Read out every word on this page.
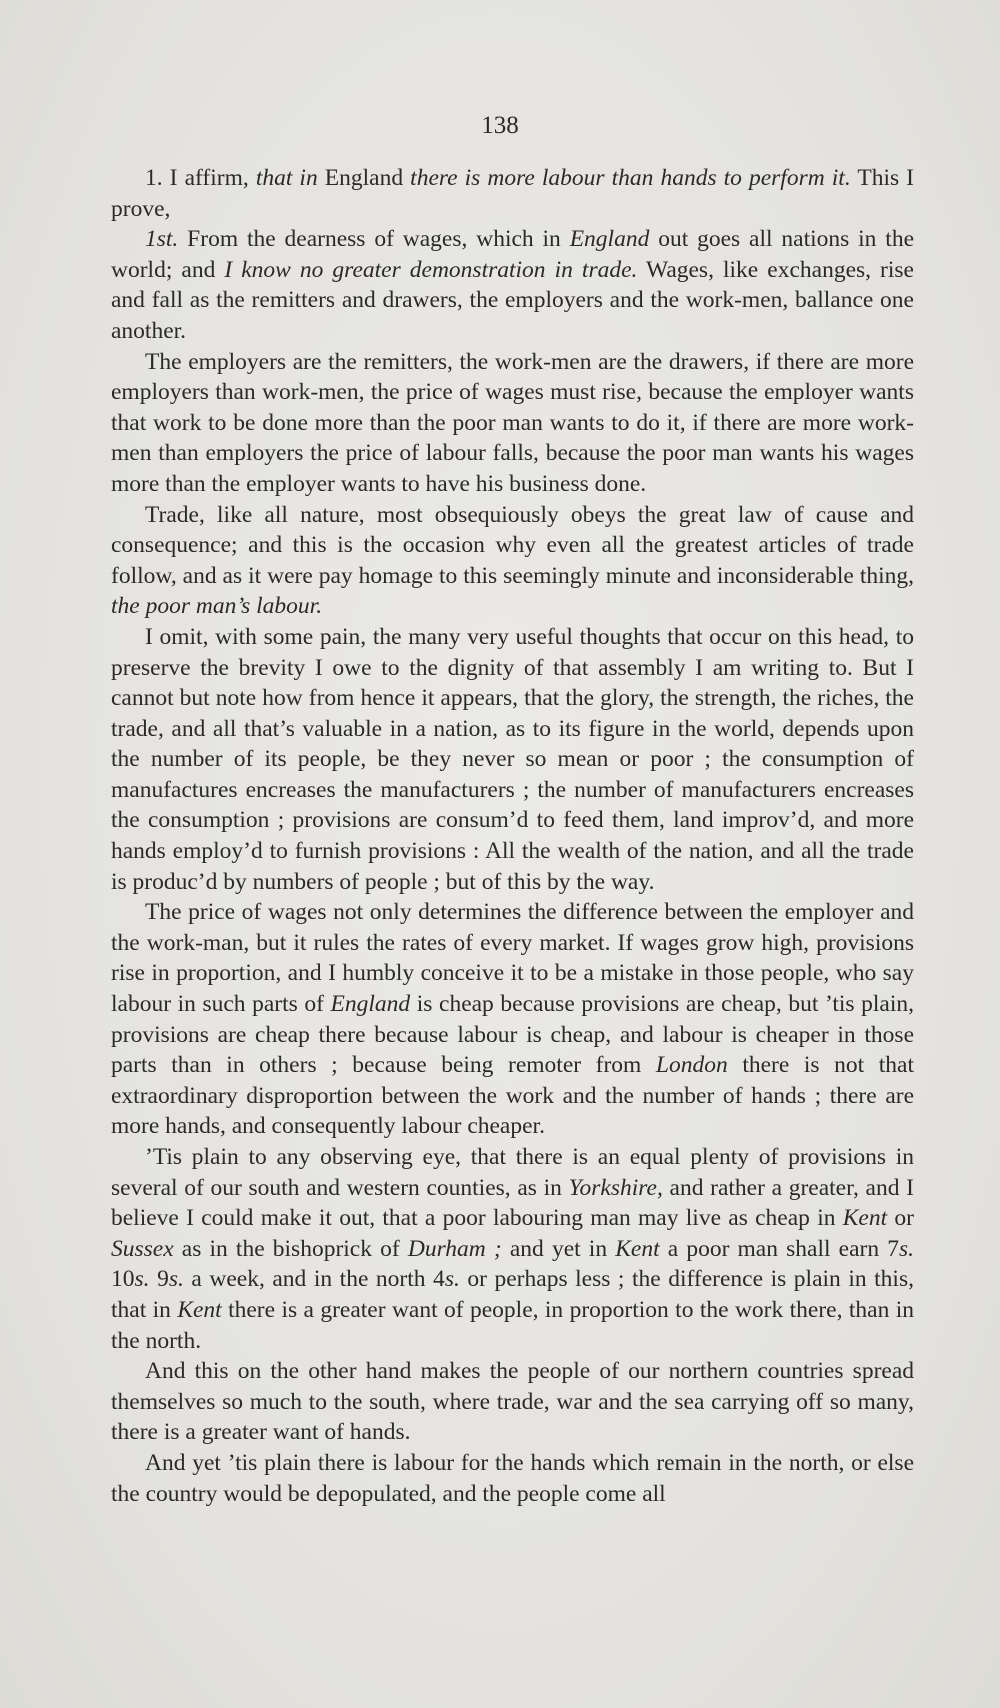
138

1. I affirm, that in England there is more labour than hands to perform it. This I prove,

1st. From the dearness of wages, which in England out goes all nations in the world; and I know no greater demonstration in trade. Wages, like exchanges, rise and fall as the remitters and drawers, the employers and the work-men, ballance one another.

The employers are the remitters, the work-men are the drawers, if there are more employers than work-men, the price of wages must rise, because the employer wants that work to be done more than the poor man wants to do it, if there are more work-men than employers the price of labour falls, because the poor man wants his wages more than the employer wants to have his business done.

Trade, like all nature, most obsequiously obeys the great law of cause and consequence; and this is the occasion why even all the greatest articles of trade follow, and as it were pay homage to this seemingly minute and inconsiderable thing, the poor man’s labour.

I omit, with some pain, the many very useful thoughts that occur on this head, to preserve the brevity I owe to the dignity of that assembly I am writing to. But I cannot but note how from hence it appears, that the glory, the strength, the riches, the trade, and all that’s valuable in a nation, as to its figure in the world, depends upon the number of its people, be they never so mean or poor ; the consumption of manufactures encreases the manufacturers ; the number of manufacturers encreases the consumption ; provisions are consum’d to feed them, land improv’d, and more hands employ’d to furnish provisions : All the wealth of the nation, and all the trade is produc’d by numbers of people ; but of this by the way.

The price of wages not only determines the difference between the employer and the work-man, but it rules the rates of every market. If wages grow high, provisions rise in proportion, and I humbly conceive it to be a mistake in those people, who say labour in such parts of England is cheap because provisions are cheap, but ’tis plain, provisions are cheap there because labour is cheap, and labour is cheaper in those parts than in others ; because being remoter from London there is not that extraordinary disproportion between the work and the number of hands ; there are more hands, and consequently labour cheaper.

’Tis plain to any observing eye, that there is an equal plenty of provisions in several of our south and western counties, as in Yorkshire, and rather a greater, and I believe I could make it out, that a poor labouring man may live as cheap in Kent or Sussex as in the bishoprick of Durham ; and yet in Kent a poor man shall earn 7s. 10s. 9s. a week, and in the north 4s. or perhaps less ; the difference is plain in this, that in Kent there is a greater want of people, in proportion to the work there, than in the north.

And this on the other hand makes the people of our northern countries spread themselves so much to the south, where trade, war and the sea carrying off so many, there is a greater want of hands.

And yet ’tis plain there is labour for the hands which remain in the north, or else the country would be depopulated, and the people come all
